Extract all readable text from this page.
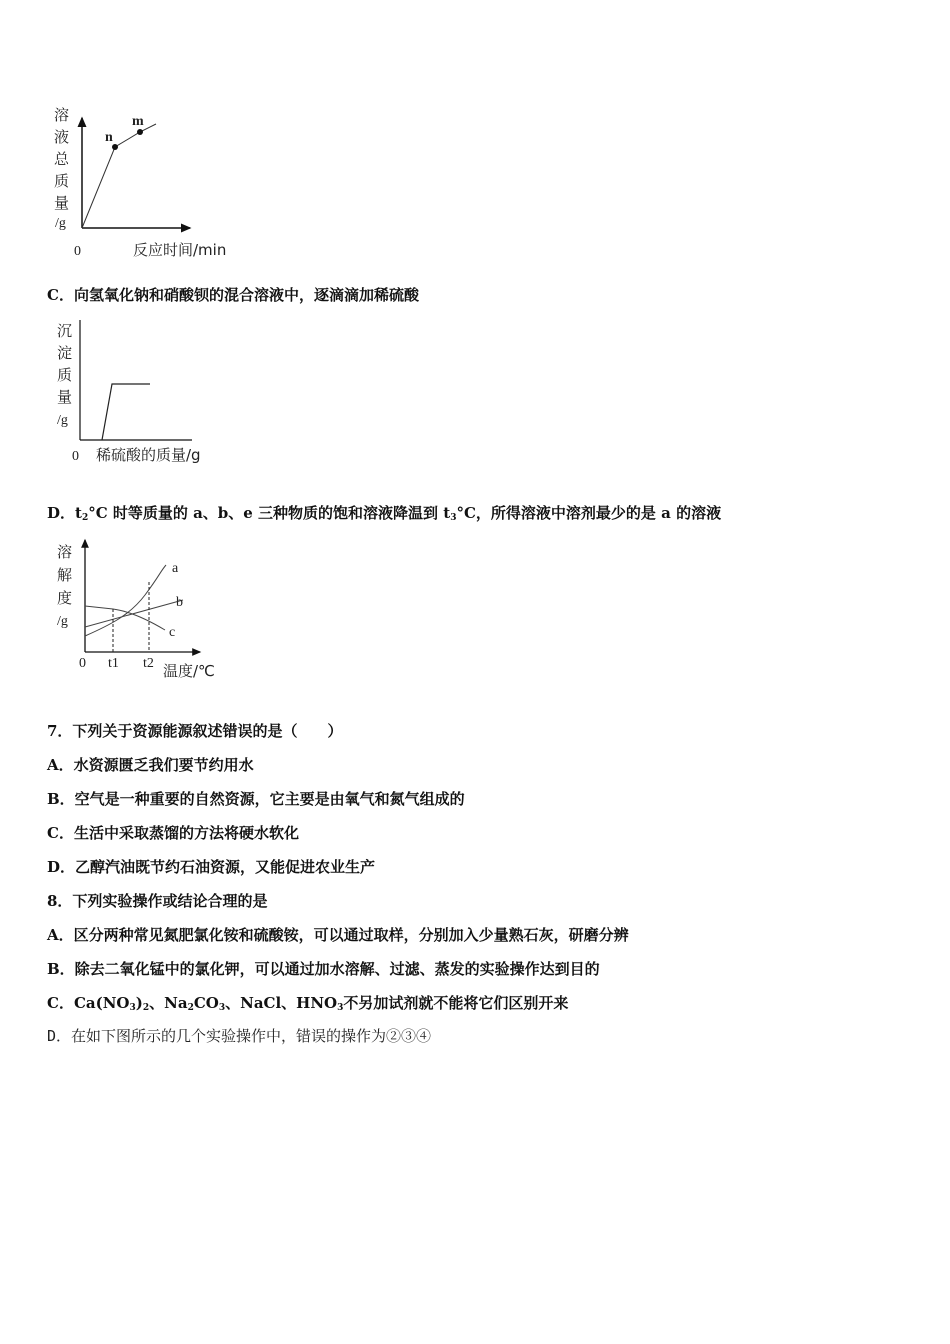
n
m
溶
液
总
质
量
/g
0	反应时间/min
C．向氢氧化钠和硝酸钡的混合溶液中，逐滴滴加稀硫酸
沉
淀
质
量
/g
0 稀硫酸的质量/g
D．$t_2^\circ C$ 时等质量的 a、b、e 三种物质的饱和溶液降温到 $t_3^\circ C$，所得溶液中溶剂最少的是 a 的溶液
a
b
c
溶
解
度
/g
0 t1 t2 温度/℃
7．下列关于资源能源叙述错误的是（　　）
A．水资源匮乏我们要节约用水
B．空气是一种重要的自然资源，它主要是由氧气和氮气组成的
C．生活中采取蒸馏的方法将硬水软化
D．乙醇汽油既节约石油资源，又能促进农业生产
8．下列实验操作或结论合理的是
A．区分两种常见氮肥氯化铵和硫酸铵，可以通过取样，分别加入少量熟石灰，研磨分辨
B．除去二氧化锰中的氯化钾，可以通过加水溶解、过滤、蒸发的实验操作达到目的
C．$Ca(NO_3)_2$、$Na_2CO_3$、NaCl、$HNO_3$不另加试剂就不能将它们区别开来
D．在如下图所示的几个实验操作中，错误的操作为②③④
